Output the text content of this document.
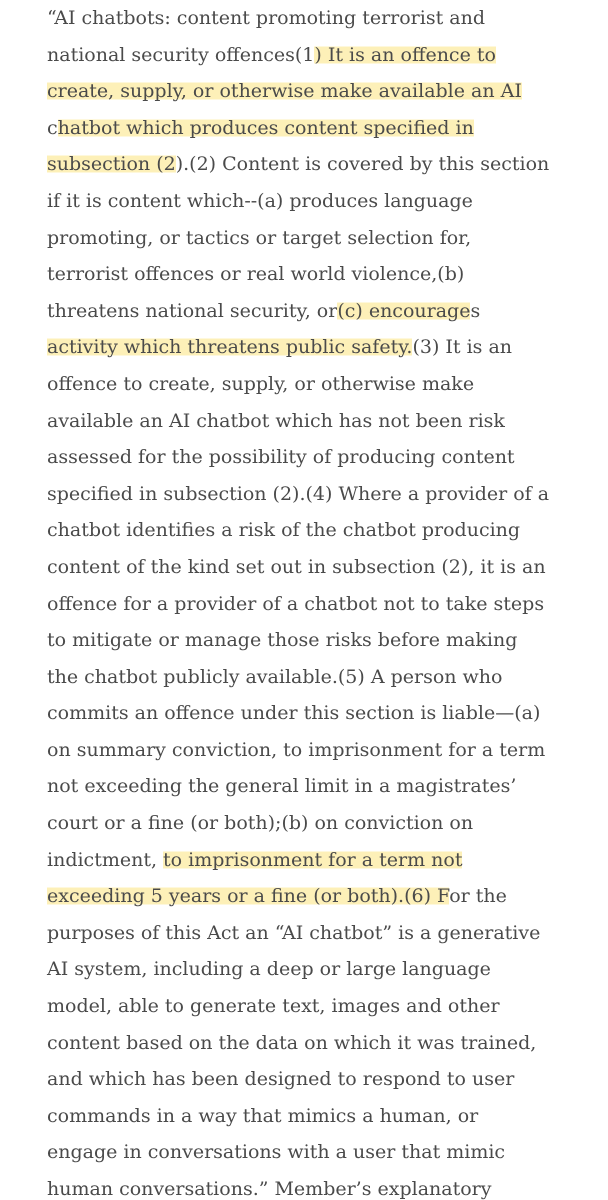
“AI chatbots: content promoting terrorist and
national security offences(1) It is an offence to
create, supply, or otherwise make available an AI
chatbot which produces content specified in
subsection (2).(2) Content is covered by this section
if it is content which--(a) produces language
promoting, or tactics or target selection for,
terrorist offences or real world violence,(b)
threatens national security, or(c) encourages
activity which threatens public safety.(3) It is an
offence to create, supply, or otherwise make
available an AI chatbot which has not been risk
assessed for the possibility of producing content
specified in subsection (2).(4) Where a provider of a
chatbot identifies a risk of the chatbot producing
content of the kind set out in subsection (2), it is an
offence for a provider of a chatbot not to take steps
to mitigate or manage those risks before making
the chatbot publicly available.(5) A person who
commits an offence under this section is liable—(a)
on summary conviction, to imprisonment for a term
not exceeding the general limit in a magistrates’
court or a fine (or both);(b) on conviction on
indictment, to imprisonment for a term not
exceeding 5 years or a fine (or both).(6) For the
purposes of this Act an “AI chatbot” is a generative
AI system, including a deep or large language
model, able to generate text, images and other
content based on the data on which it was trained,
and which has been designed to respond to user
commands in a way that mimics a human, or
engage in conversations with a user that mimic
human conversations.” Member’s explanatory
